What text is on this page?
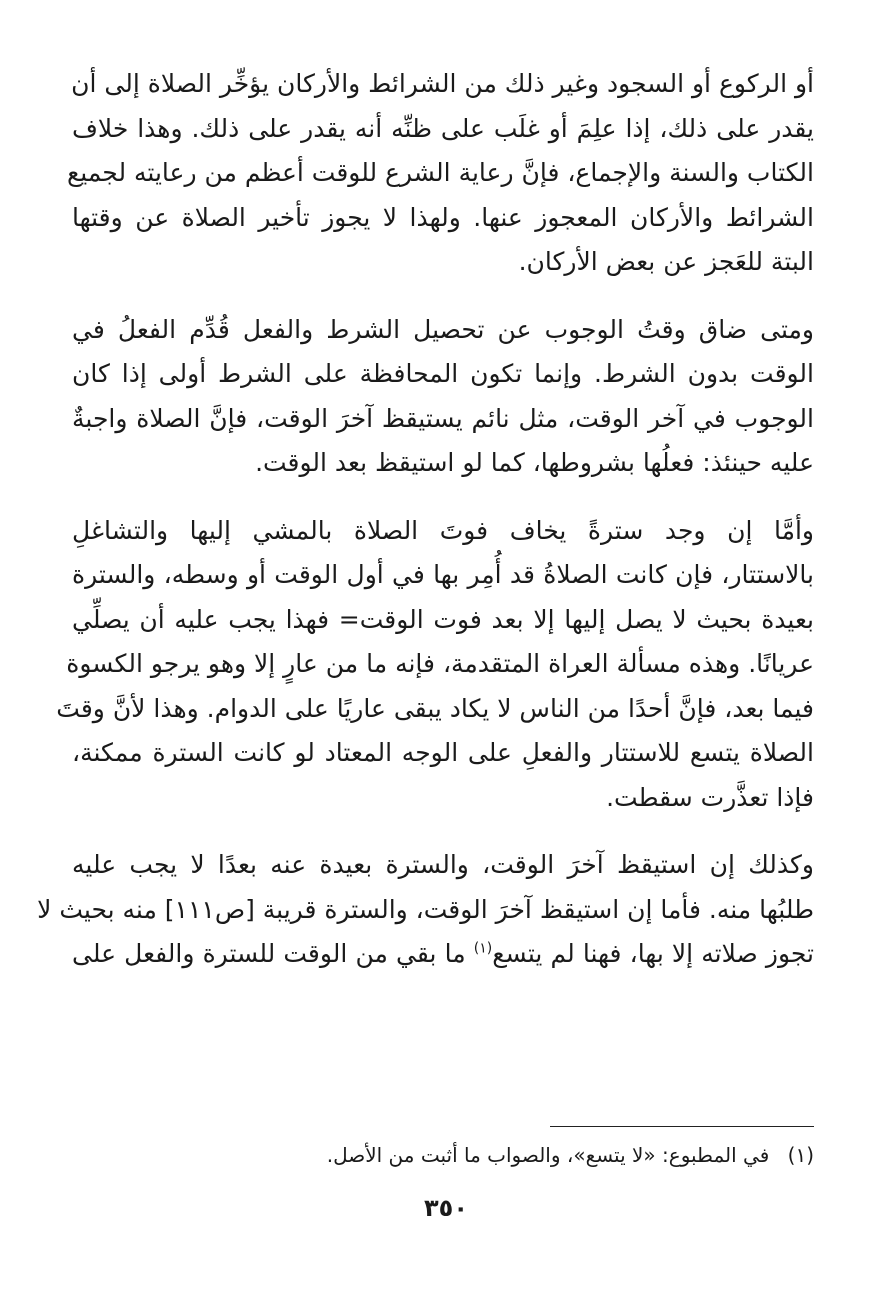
أو الركوع أو السجود وغير ذلك من الشرائط والأركان يؤخِّر الصلاة إلى أن
يقدر على ذلك، إذا علِمَ أو غلَب على ظنِّه أنه يقدر على ذلك. وهذا خلاف
الكتاب والسنة والإجماع، فإنَّ رعاية الشرع للوقت أعظم من رعايته لجميع
الشرائط والأركان المعجوز عنها. ولهذا لا يجوز تأخير الصلاة عن وقتها
البتة للعَجز عن بعض الأركان.
ومتى ضاق وقتُ الوجوب عن تحصيل الشرط والفعل قُدِّم الفعلُ في
الوقت بدون الشرط. وإنما تكون المحافظة على الشرط أولى إذا كان
الوجوب في آخر الوقت، مثل نائم يستيقظ آخرَ الوقت، فإنَّ الصلاة واجبةٌ
عليه حينئذ: فعلُها بشروطها، كما لو استيقظ بعد الوقت.
وأمَّا إن وجد سترةً يخاف فوتَ الصلاة بالمشي إليها والتشاغلِ
بالاستتار، فإن كانت الصلاةُ قد أُمِر بها في أول الوقت أو وسطه، والسترة
بعيدة بحيث لا يصل إليها إلا بعد فوت الوقت= فهذا يجب عليه أن يصلِّي
عريانًا. وهذه مسألة العراة المتقدمة، فإنه ما من عارٍ إلا وهو يرجو الكسوة
فيما بعد، فإنَّ أحدًا من الناس لا يكاد يبقى عاريًا على الدوام. وهذا لأنَّ وقتَ
الصلاة يتسع للاستتار والفعلِ على الوجه المعتاد لو كانت السترة ممكنة،
فإذا تعذَّرت سقطت.
وكذلك إن استيقظ آخرَ الوقت، والسترة بعيدة عنه بعدًا لا يجب عليه
طلبُها منه. فأما إن استيقظ آخرَ الوقت، والسترة قريبة [ص١١١] منه بحيث لا
تجوز صلاته إلا بها، فهنا لم يتسع$^{(١)}$ ما بقي من الوقت للسترة والفعل على
(١) في المطبوع: «لا يتسع»، والصواب ما أثبت من الأصل.
٣٥٠
